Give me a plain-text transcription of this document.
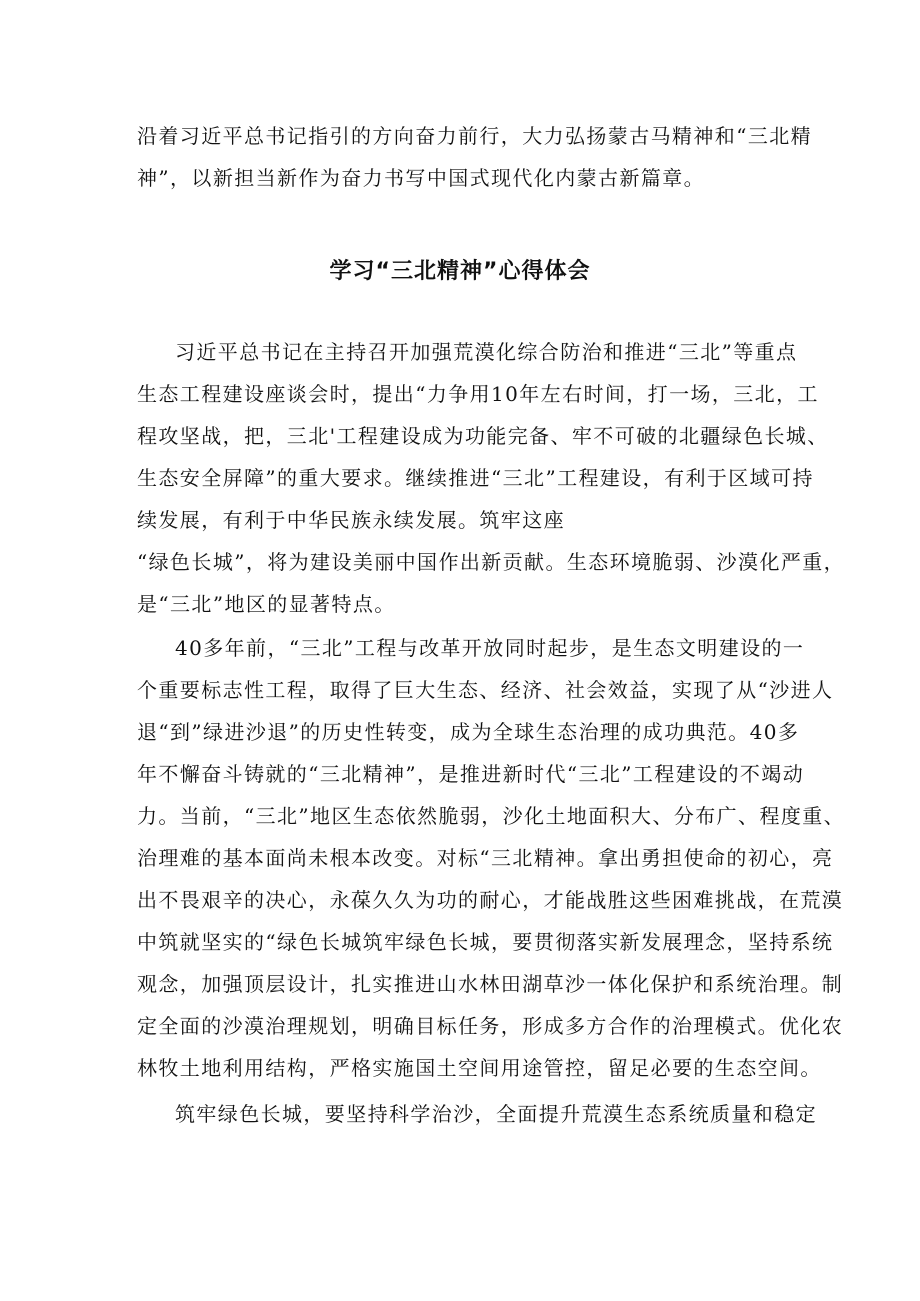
沿着习近平总书记指引的方向奋力前行，大力弘扬蒙古马精神和“三北精
神”，以新担当新作为奋力书写中国式现代化内蒙古新篇章。
学习“三北精神”心得体会
习近平总书记在主持召开加强荒漠化综合防治和推进“三北”等重点
生态工程建设座谈会时，提出“力争用10年左右时间，打一场，三北，工
程攻坚战，把，三北'工程建设成为功能完备、牢不可破的北疆绿色长城、
生态安全屏障”的重大要求。继续推进“三北”工程建设，有利于区域可持
续发展，有利于中华民族永续发展。筑牢这座
“绿色长城”，将为建设美丽中国作出新贡献。生态环境脆弱、沙漠化严重，
是“三北”地区的显著特点。
40多年前，“三北”工程与改革开放同时起步，是生态文明建设的一
个重要标志性工程，取得了巨大生态、经济、社会效益，实现了从“沙进人
退“到”绿进沙退”的历史性转变，成为全球生态治理的成功典范。40多
年不懈奋斗铸就的“三北精神”，是推进新时代“三北”工程建设的不竭动
力。当前，“三北”地区生态依然脆弱，沙化土地面积大、分布广、程度重、
治理难的基本面尚未根本改变。对标“三北精神。拿出勇担使命的初心，亮
出不畏艰辛的决心，永葆久久为功的耐心，才能战胜这些困难挑战，在荒漠
中筑就坚实的“绿色长城筑牢绿色长城，要贯彻落实新发展理念，坚持系统
观念，加强顶层设计，扎实推进山水林田湖草沙一体化保护和系统治理。制
定全面的沙漠治理规划，明确目标任务，形成多方合作的治理模式。优化农
林牧土地利用结构，严格实施国土空间用途管控，留足必要的生态空间。
筑牢绿色长城，要坚持科学治沙，全面提升荒漠生态系统质量和稳定
